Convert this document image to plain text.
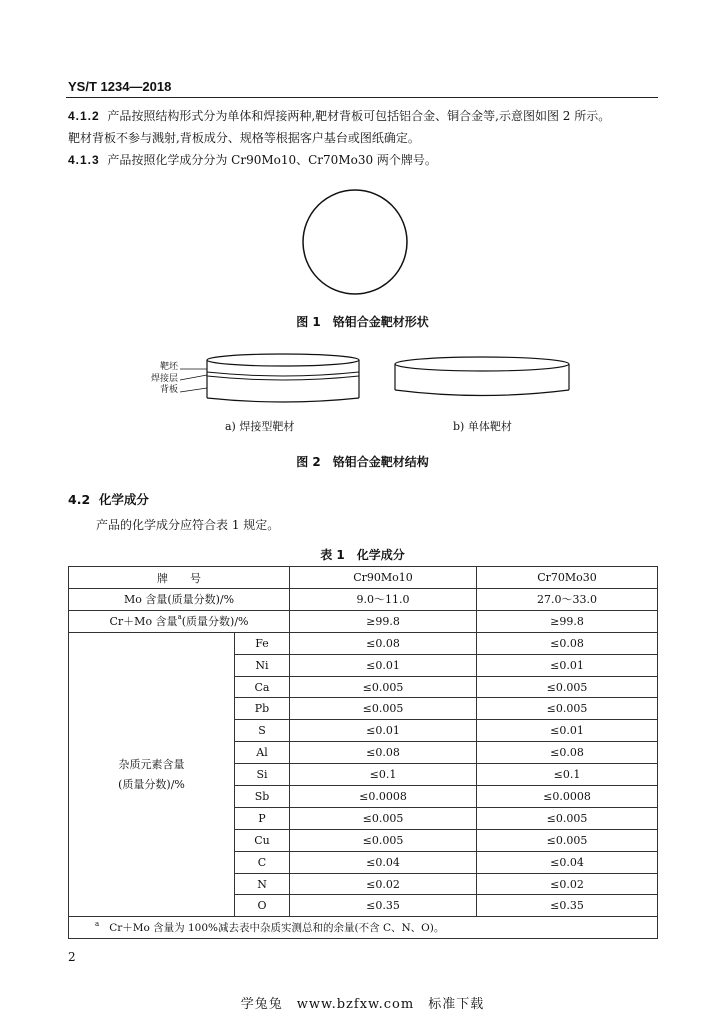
YS/T 1234—2018
4.1.2 产品按照结构形式分为单体和焊接两种,靶材背板可包括铝合金、铜合金等,示意图如图 2 所示。
靶材背板不参与溅射,背板成分、规格等根据客户基台或图纸确定。
4.1.3 产品按照化学成分分为 Cr90Mo10、Cr70Mo30 两个牌号。
图 1　铬钼合金靶材形状
靶坯
焊接层
背板
a) 焊接型靶材	b) 单体靶材
图 2　铬钼合金靶材结构
4.2 化学成分
产品的化学成分应符合表 1 规定。
表 1　化学成分
牌　　号		Cr90Mo10	Cr70Mo30
Mo 含量(质量分数)/%		9.0～11.0	27.0～33.0
Cr＋Mo 含量$^a$(质量分数)/%		≥99.8	≥99.8

杂质元素含量
(质量分数)/%	Fe	≤0.08	≤0.08
	Ni	≤0.01	≤0.01
	Ca	≤0.005	≤0.005
	Pb	≤0.005	≤0.005
	S	≤0.01	≤0.01
	Al	≤0.08	≤0.08
	Si	≤0.1	≤0.1
	Sb	≤0.0008	≤0.0008
	P	≤0.005	≤0.005
	Cu	≤0.005	≤0.005
	C	≤0.04	≤0.04
	N	≤0.02	≤0.02
	O	≤0.35	≤0.35
$^a$ Cr＋Mo 含量为 100%减去表中杂质实测总和的余量(不含 C、N、O)。			
2
学兔兔　www.bzfxw.com　标准下载
